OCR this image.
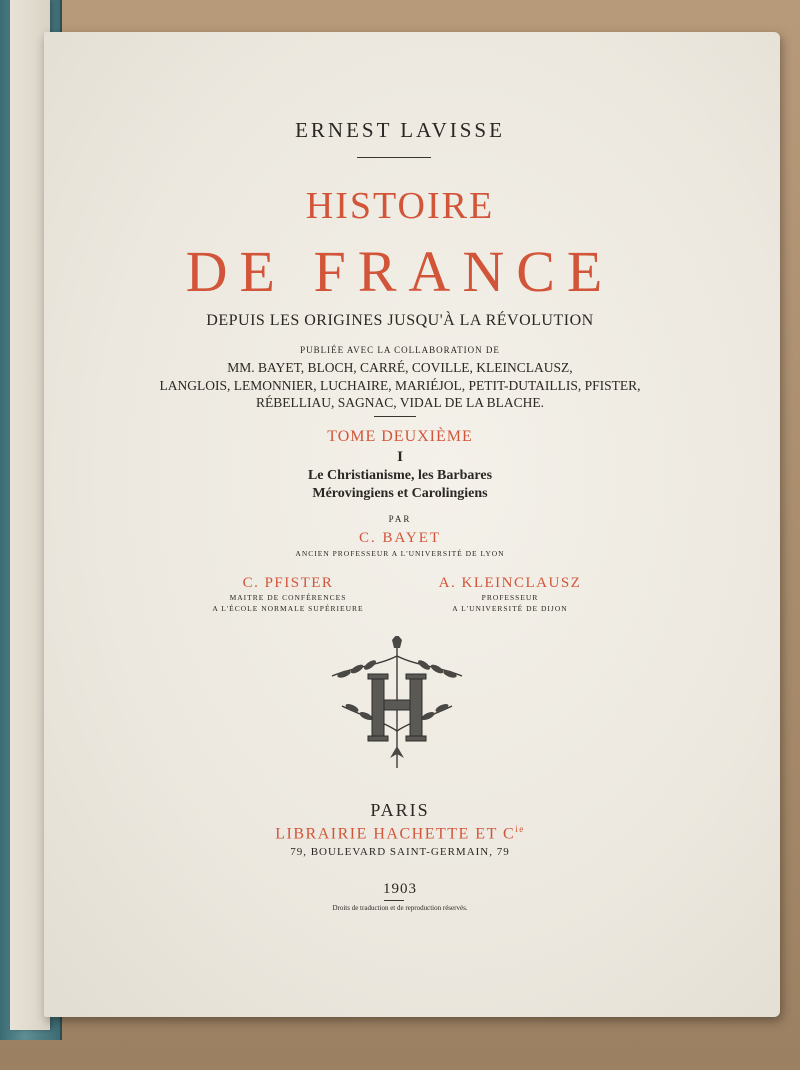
ERNEST LAVISSE
HISTOIRE
DE FRANCE
DEPUIS LES ORIGINES JUSQU'À LA RÉVOLUTION
PUBLIÉE AVEC LA COLLABORATION DE
MM. BAYET, BLOCH, CARRÉ, COVILLE, KLEINCLAUSZ,
LANGLOIS, LEMONNIER, LUCHAIRE, MARIÉJOL, PETIT-DUTAILLIS, PFISTER,
RÉBELLIAU, SAGNAC, VIDAL DE LA BLACHE.
TOME DEUXIÈME
I
Le Christianisme, les Barbares
Mérovingiens et Carolingiens
PAR
C. BAYET
ANCIEN PROFESSEUR A L'UNIVERSITÉ DE LYON
C. PFISTER
MAITRE DE CONFÉRENCES
A L'ÉCOLE NORMALE SUPÉRIEURE
A. KLEINCLAUSZ
PROFESSEUR
A L'UNIVERSITÉ DE DIJON
PARIS
LIBRAIRIE HACHETTE ET $C^{ie}$
79, BOULEVARD SAINT-GERMAIN, 79
1903
Droits de traduction et de reproduction réservés.
